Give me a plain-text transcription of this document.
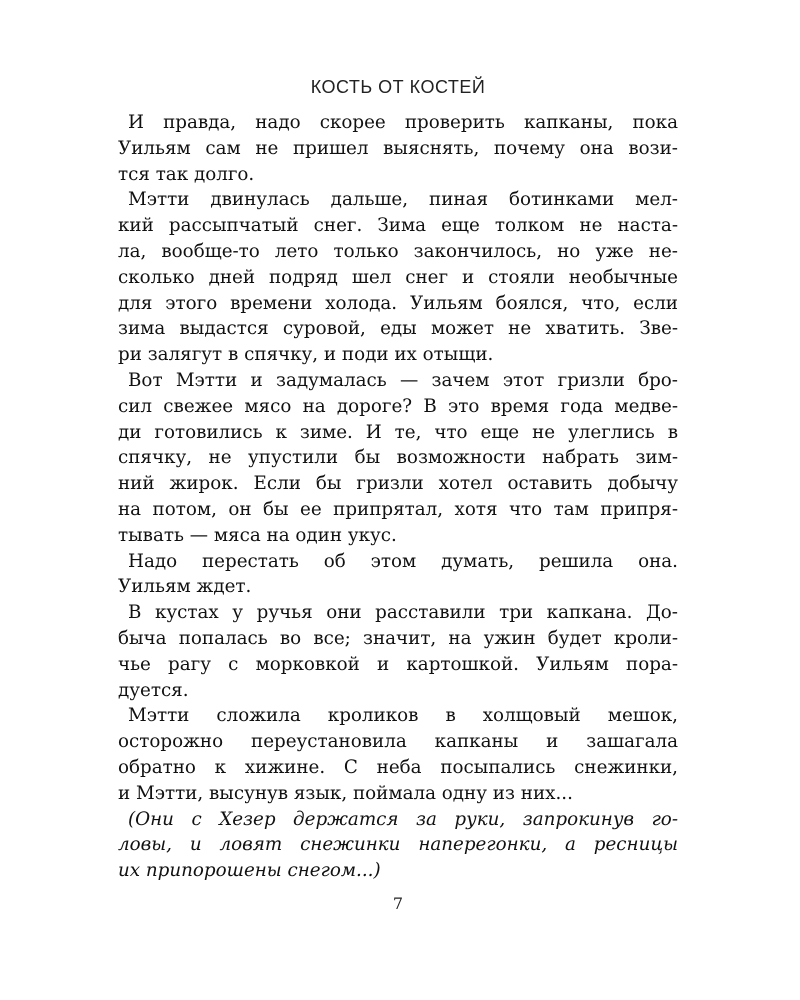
КОСТЬ ОТ КОСТЕЙ
И правда, надо скорее проверить капканы, пока
Уильям сам не пришел выяснять, почему она вози-
тся так долго.
Мэтти двинулась дальше, пиная ботинками мел-
кий рассыпчатый снег. Зима еще толком не наста-
ла, вообще-то лето только закончилось, но уже не-
сколько дней подряд шел снег и стояли необычные
для этого времени холода. Уильям боялся, что, если
зима выдастся суровой, еды может не хватить. Зве-
ри залягут в спячку, и поди их отыщи.
Вот Мэтти и задумалась — зачем этот гризли бро-
сил свежее мясо на дороге? В это время года медве-
ди готовились к зиме. И те, что еще не улеглись в
спячку, не упустили бы возможности набрать зим-
ний жирок. Если бы гризли хотел оставить добычу
на потом, он бы ее припрятал, хотя что там припря-
тывать — мяса на один укус.
Надо перестать об этом думать, решила она.
Уильям ждет.
В кустах у ручья они расставили три капкана. До-
быча попалась во все; значит, на ужин будет кроли-
чье рагу с морковкой и картошкой. Уильям пора-
дуется.
Мэтти сложила кроликов в холщовый мешок,
осторожно переустановила капканы и зашагала
обратно к хижине. С неба посыпались снежинки,
и Мэтти, высунув язык, поймала одну из них...
(Они с Хезер держатся за руки, запрокинув го-
ловы, и ловят снежинки наперегонки, а ресницы
их припорошены снегом...)
7
